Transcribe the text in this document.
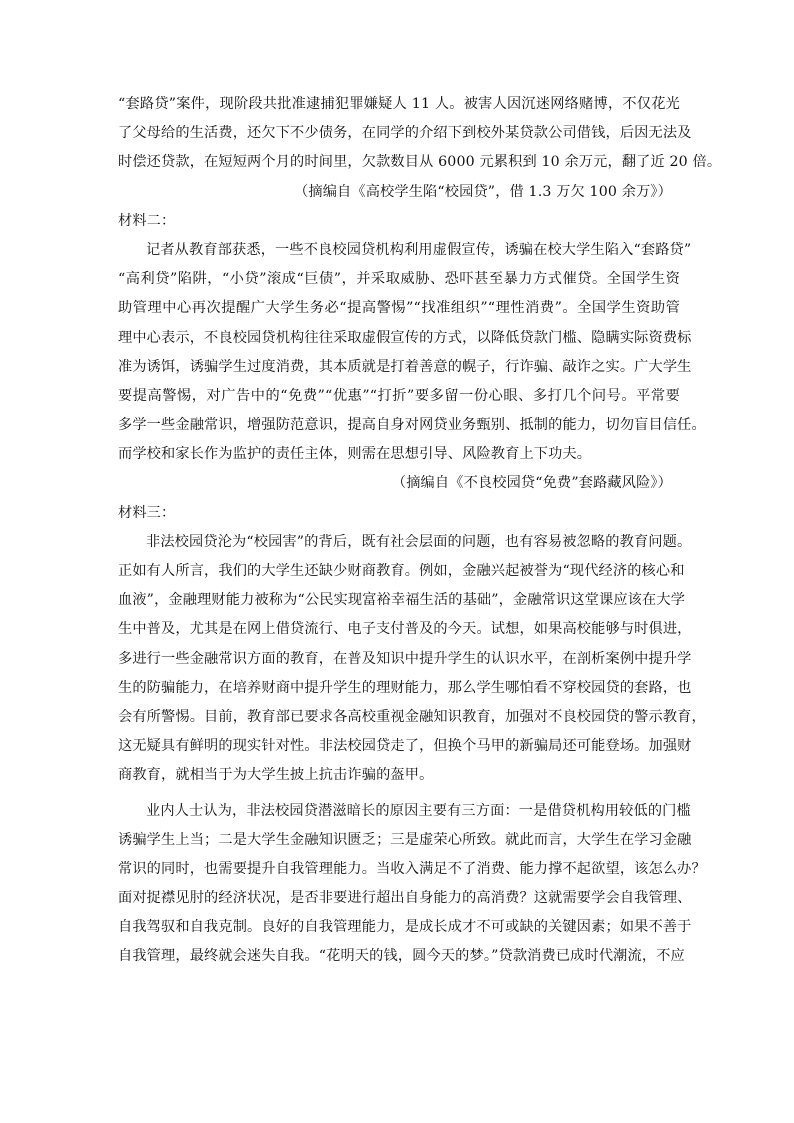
“套路贷”案件，现阶段共批准逮捕犯罪嫌疑人 11 人。被害人因沉迷网络赌博，不仅花光
了父母给的生活费，还欠下不少债务，在同学的介绍下到校外某贷款公司借钱，后因无法及
时偿还贷款，在短短两个月的时间里，欠款数目从 6000 元累积到 10 余万元，翻了近 20 倍。
（摘编自《高校学生陷“校园贷”，借 1.3 万欠 100 余万》）
材料二：
记者从教育部获悉，一些不良校园贷机构利用虚假宣传，诱骗在校大学生陷入“套路贷”
“高利贷”陷阱，“小贷”滚成“巨债”，并采取威胁、恐吓甚至暴力方式催贷。全国学生资
助管理中心再次提醒广大学生务必“提高警惕”“找准组织”“理性消费”。全国学生资助管
理中心表示，不良校园贷机构往往采取虚假宣传的方式，以降低贷款门槛、隐瞒实际资费标
准为诱饵，诱骗学生过度消费，其本质就是打着善意的幌子，行诈骗、敲诈之实。广大学生
要提高警惕，对广告中的“免费”“优惠”“打折”要多留一份心眼、多打几个问号。平常要
多学一些金融常识，增强防范意识，提高自身对网贷业务甄别、抵制的能力，切勿盲目信任。
而学校和家长作为监护的责任主体，则需在思想引导、风险教育上下功夫。
（摘编自《不良校园贷“免费”套路藏风险》）
材料三：
非法校园贷沦为“校园害”的背后，既有社会层面的问题，也有容易被忽略的教育问题。
正如有人所言，我们的大学生还缺少财商教育。例如，金融兴起被誉为“现代经济的核心和
血液”，金融理财能力被称为“公民实现富裕幸福生活的基础”，金融常识这堂课应该在大学
生中普及，尤其是在网上借贷流行、电子支付普及的今天。试想，如果高校能够与时俱进，
多进行一些金融常识方面的教育，在普及知识中提升学生的认识水平，在剖析案例中提升学
生的防骗能力，在培养财商中提升学生的理财能力，那么学生哪怕看不穿校园贷的套路，也
会有所警惕。目前，教育部已要求各高校重视金融知识教育，加强对不良校园贷的警示教育，
这无疑具有鲜明的现实针对性。非法校园贷走了，但换个马甲的新骗局还可能登场。加强财
商教育，就相当于为大学生披上抗击诈骗的盔甲。
业内人士认为，非法校园贷潜滋暗长的原因主要有三方面：一是借贷机构用较低的门槛
诱骗学生上当；二是大学生金融知识匮乏；三是虚荣心所致。就此而言，大学生在学习金融
常识的同时，也需要提升自我管理能力。当收入满足不了消费、能力撑不起欲望，该怎么办？
面对捉襟见肘的经济状况，是否非要进行超出自身能力的高消费？这就需要学会自我管理、
自我驾驭和自我克制。良好的自我管理能力，是成长成才不可或缺的关键因素；如果不善于
自我管理，最终就会迷失自我。“花明天的钱，圆今天的梦。”贷款消费已成时代潮流，不应
